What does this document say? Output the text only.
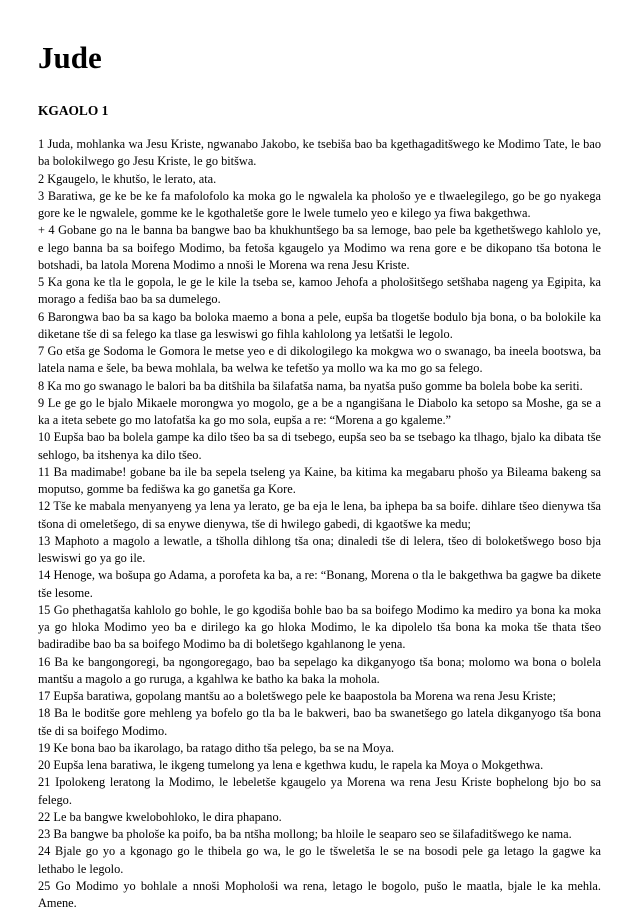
Jude
KGAOLO 1

1 Juda, mohlanka wa Jesu Kriste, ngwanabo Jakobo, ke tsebiša bao ba kgethagaditšwego ke Modimo Tate, le bao ba bolokilwego go Jesu Kriste, le go bitšwa.

2 Kgaugelo, le khutšo, le lerato, ata.

3 Baratiwa, ge ke be ke fa mafolofolo ka moka go le ngwalela ka phološo ye e tlwaelegilego, go be go nyakega gore ke le ngwalele, gomme ke le kgothaletše gore le lwele tumelo yeo e kilego ya fiwa bakgethwa.

+ 4 Gobane go na le banna ba bangwe bao ba khukhuntšego ba sa lemoge, bao pele ba kgethetšwego kahlolo ye, e lego banna ba sa boifego Modimo, ba fetoša kgaugelo ya Modimo wa rena gore e be dikopano tša botona le botshadi, ba latola Morena Modimo a nnoši le Morena wa rena Jesu Kriste.

5 Ka gona ke tla le gopola, le ge le kile la tseba se, kamoo Jehofa a phološitšego setšhaba nageng ya Egipita, ka morago a fediša bao ba sa dumelego.

6 Barongwa bao ba sa kago ba boloka maemo a bona a pele, eupša ba tlogetše bodulo bja bona, o ba bolokile ka diketane tše di sa felego ka tlase ga leswiswi go fihla kahlolong ya letšatši le legolo.

7 Go etša ge Sodoma le Gomora le metse yeo e di dikologilego ka mokgwa wo o swanago, ba ineela bootswa, ba latela nama e šele, ba bewa mohlala, ba welwa ke tefetšo ya mollo wa ka mo go sa felego.

8 Ka mo go swanago le balori ba ba ditšhila ba šilafatša nama, ba nyatša pušo gomme ba bolela bobe ka seriti.

9 Le ge go le bjalo Mikaele morongwa yo mogolo, ge a be a ngangišana le Diabolo ka setopo sa Moshe, ga se a ka a iteta sebete go mo latofatša ka go mo sola, eupša a re: “Morena a go kgaleme.”

10 Eupša bao ba bolela gampe ka dilo tšeo ba sa di tsebego, eupša seo ba se tsebago ka tlhago, bjalo ka dibata tše sehlogo, ba itshenya ka dilo tšeo.

11 Ba madimabe! gobane ba ile ba sepela tseleng ya Kaine, ba kitima ka megabaru phošo ya Bileama bakeng sa moputso, gomme ba fedišwa ka go ganetša ga Kore.

12 Tše ke mabala menyanyeng ya lena ya lerato, ge ba eja le lena, ba iphepa ba sa boife. dihlare tšeo dienywa tša tšona di omeletšego, di sa enywe dienywa, tše di hwilego gabedi, di kgaotšwe ka medu;

13 Maphoto a magolo a lewatle, a tšholla dihlong tša ona; dinaledi tše di lelera, tšeo di boloketšwego boso bja leswiswi go ya go ile.

14 Henoge, wa bošupa go Adama, a porofeta ka ba, a re: “Bonang, Morena o tla le bakgethwa ba gagwe ba dikete tše lesome.

15 Go phethagatša kahlolo go bohle, le go kgodiša bohle bao ba sa boifego Modimo ka mediro ya bona ka moka ya go hloka Modimo yeo ba e dirilego ka go hloka Modimo, le ka dipolelo tša bona ka moka tše thata tšeo badiradibe bao ba sa boifego Modimo ba di boletšego kgahlanong le yena.

16 Ba ke bangongoregi, ba ngongoregago, bao ba sepelago ka dikganyogo tša bona; molomo wa bona o bolela mantšu a magolo a go ruruga, a kgahlwa ke batho ka baka la mohola.

17 Eupša baratiwa, gopolang mantšu ao a boletšwego pele ke baapostola ba Morena wa rena Jesu Kriste;

18 Ba le boditše gore mehleng ya bofelo go tla ba le bakweri, bao ba swanetšego go latela dikganyogo tša bona tše di sa boifego Modimo.

19 Ke bona bao ba ikarolago, ba ratago ditho tša pelego, ba se na Moya.

20 Eupša lena baratiwa, le ikgeng tumelong ya lena e kgethwa kudu, le rapela ka Moya o Mokgethwa.

21 Ipolokeng leratong la Modimo, le lebeletše kgaugelo ya Morena wa rena Jesu Kriste bophelong bjo bo sa felego.

22 Le ba bangwe kwelobohloko, le dira phapano.

23 Ba bangwe ba phološe ka poifo, ba ba ntšha mollong; ba hloile le seaparo seo se šilafaditšwego ke nama.

24 Bjale go yo a kgonago go le thibela go wa, le go le tšweletša le se na bosodi pele ga letago la gagwe ka lethabo le legolo.

25 Go Modimo yo bohlale a nnoši Mophološi wa rena, letago le bogolo, pušo le maatla, bjale le ka mehla. Amene.
